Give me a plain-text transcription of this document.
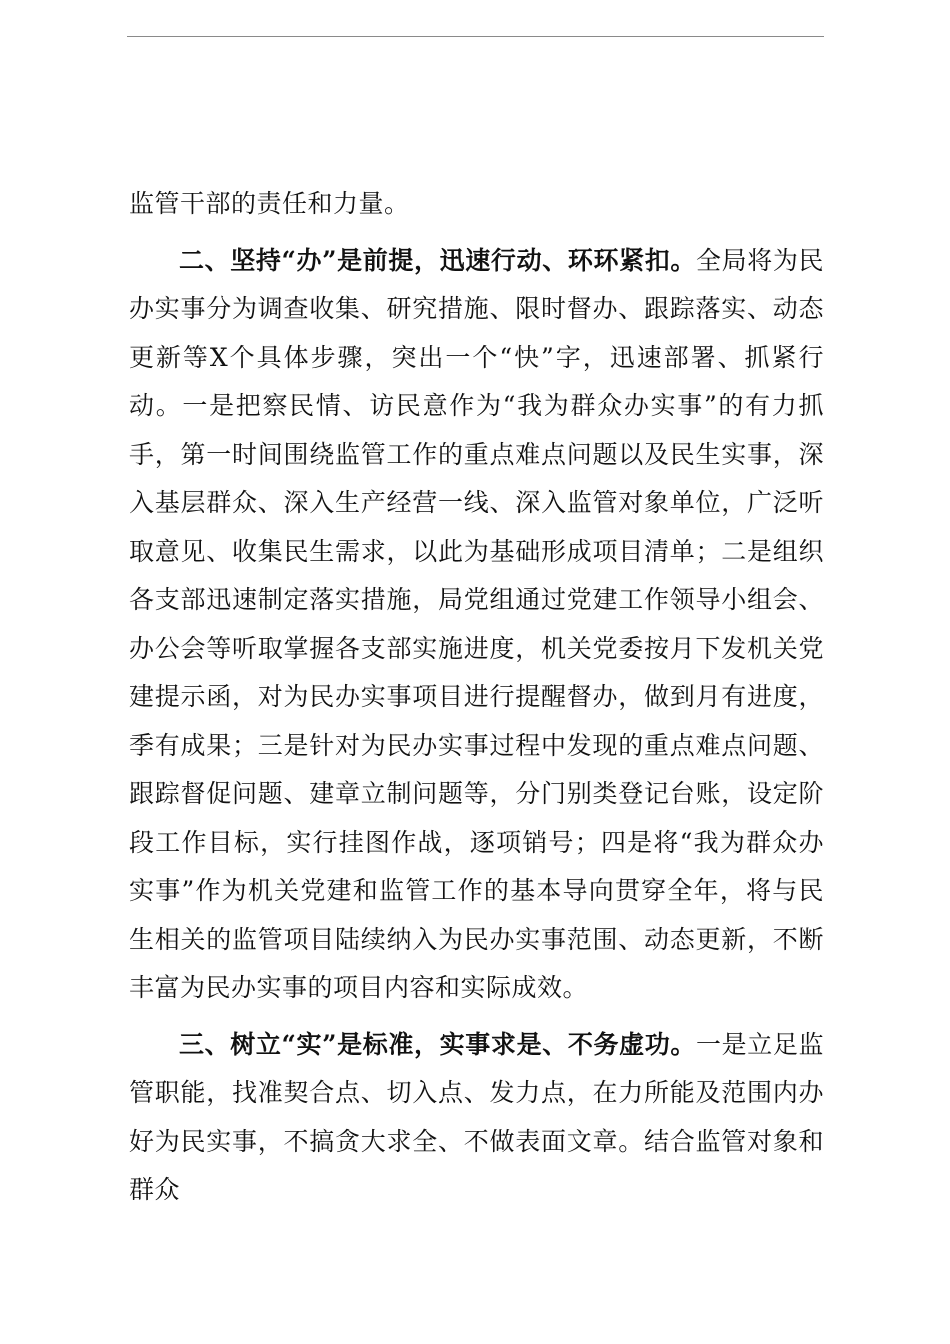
监管干部的责任和力量。

二、坚持“办”是前提，迅速行动、环环紧扣。全局将为民办实事分为调查收集、研究措施、限时督办、跟踪落实、动态更新等X个具体步骤，突出一个“快”字，迅速部署、抓紧行动。一是把察民情、访民意作为“我为群众办实事”的有力抓手，第一时间围绕监管工作的重点难点问题以及民生实事，深入基层群众、深入生产经营一线、深入监管对象单位，广泛听取意见、收集民生需求，以此为基础形成项目清单；二是组织各支部迅速制定落实措施，局党组通过党建工作领导小组会、办公会等听取掌握各支部实施进度，机关党委按月下发机关党建提示函，对为民办实事项目进行提醒督办，做到月有进度，季有成果；三是针对为民办实事过程中发现的重点难点问题、跟踪督促问题、建章立制问题等，分门别类登记台账，设定阶段工作目标，实行挂图作战，逐项销号；四是将“我为群众办实事”作为机关党建和监管工作的基本导向贯穿全年，将与民生相关的监管项目陆续纳入为民办实事范围、动态更新，不断丰富为民办实事的项目内容和实际成效。

三、树立“实”是标准，实事求是、不务虚功。一是立足监管职能，找准契合点、切入点、发力点，在力所能及范围内办好为民实事，不搞贪大求全、不做表面文章。结合监管对象和群众
